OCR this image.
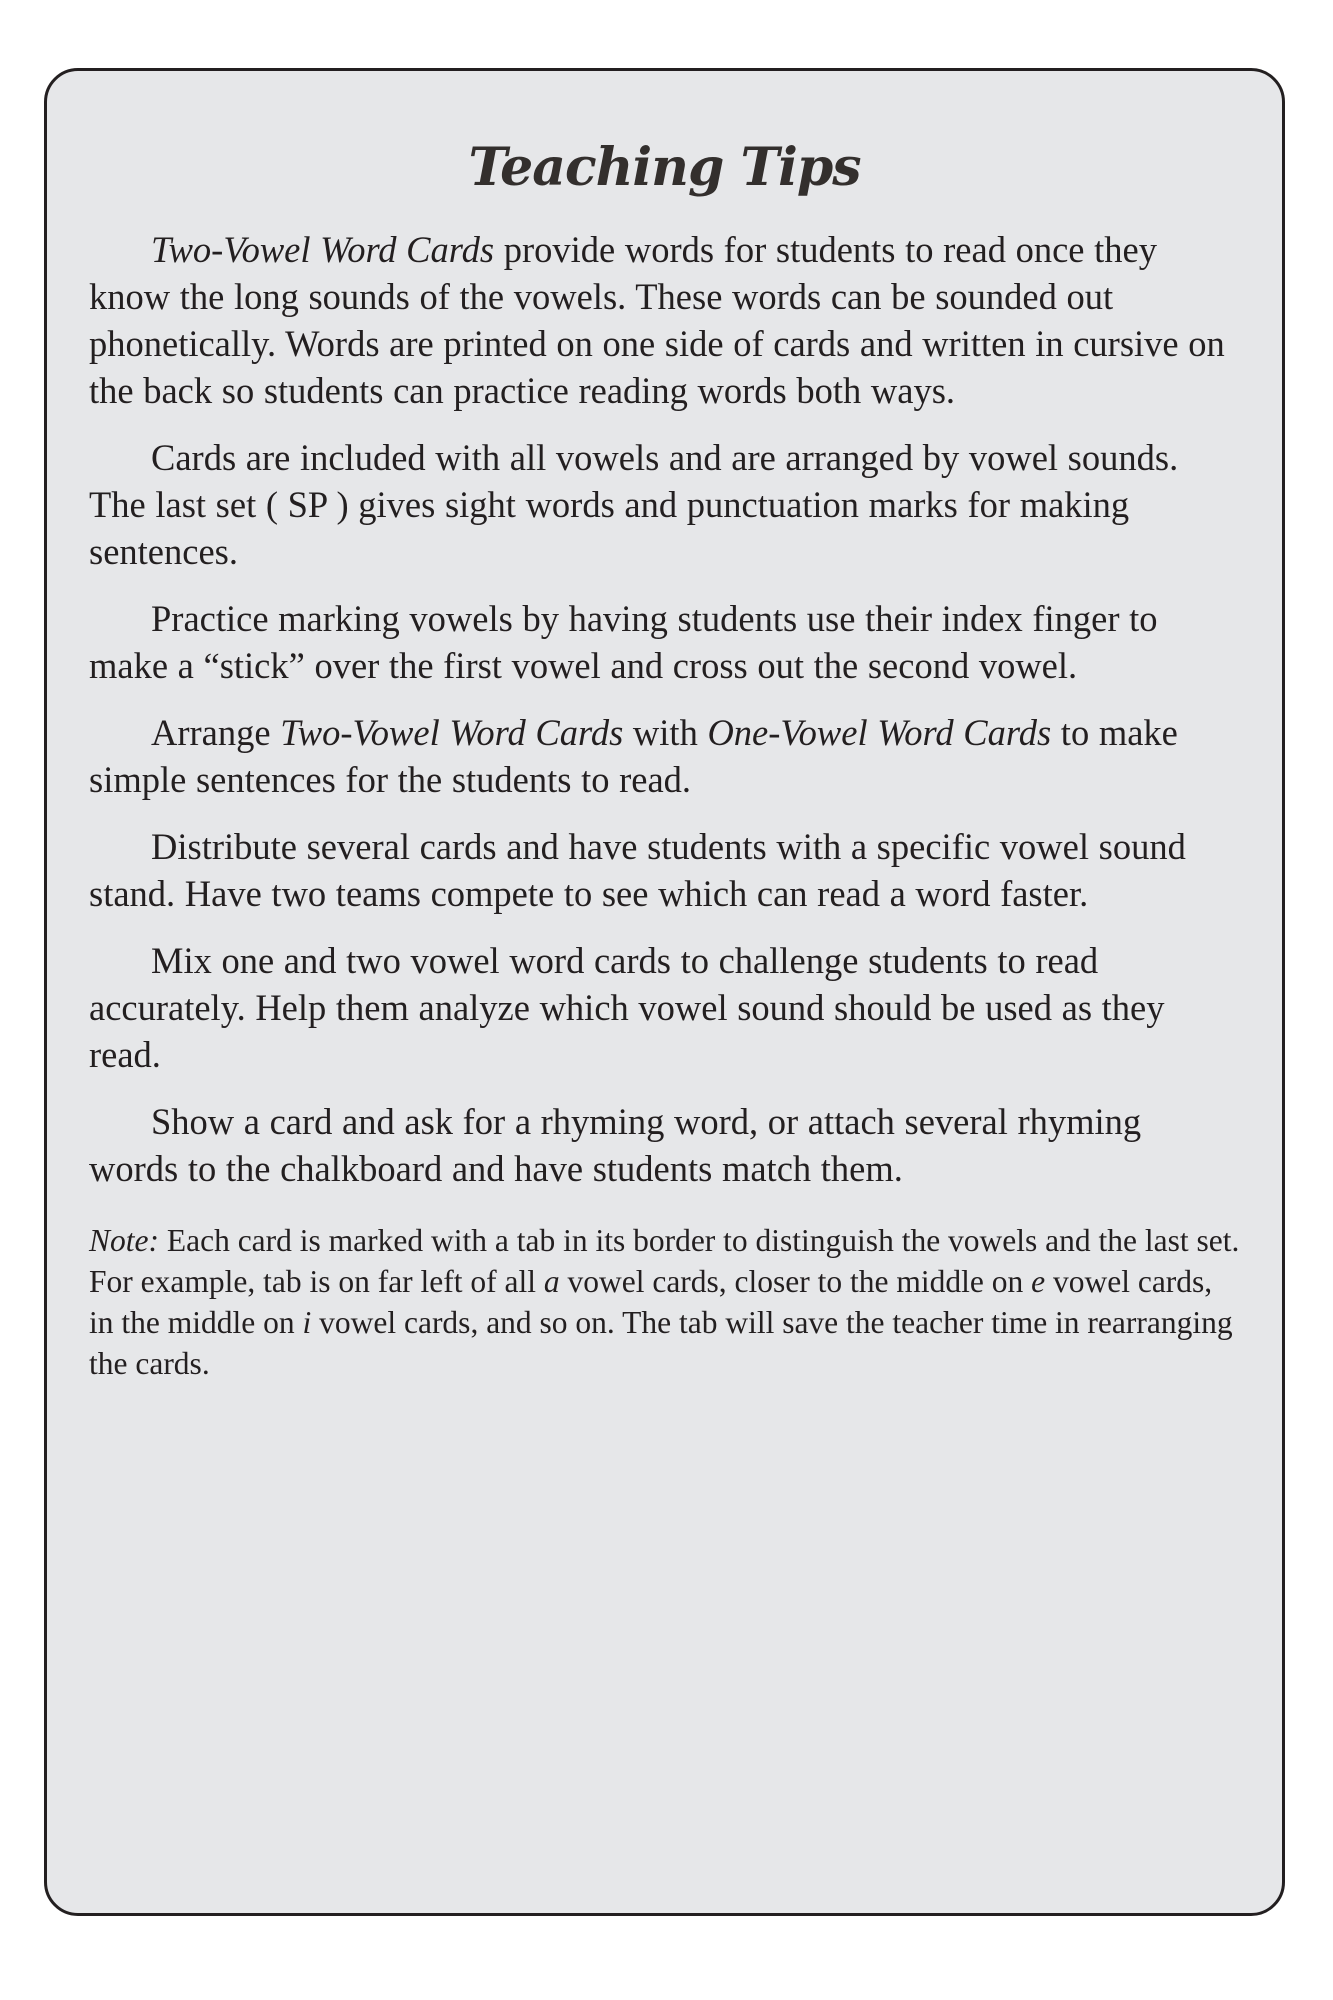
Teaching Tips

Two-Vowel Word Cards provide words for students to read once they know the long sounds of the vowels. These words can be sounded out phonetically. Words are printed on one side of cards and written in cursive on the back so students can practice reading words both ways.

Cards are included with all vowels and are arranged by vowel sounds. The last set ( SP ) gives sight words and punctuation marks for making sentences.

Practice marking vowels by having students use their index finger to make a “stick” over the first vowel and cross out the second vowel.

Arrange Two-Vowel Word Cards with One-Vowel Word Cards to make simple sentences for the students to read.

Distribute several cards and have students with a specific vowel sound stand. Have two teams compete to see which can read a word faster.

Mix one and two vowel word cards to challenge students to read accurately. Help them analyze which vowel sound should be used as they read.

Show a card and ask for a rhyming word, or attach several rhyming words to the chalkboard and have students match them.

Note: Each card is marked with a tab in its border to distinguish the vowels and the last set. For example, tab is on far left of all a vowel cards, closer to the middle on e vowel cards, in the middle on i vowel cards, and so on. The tab will save the teacher time in rearranging the cards.
